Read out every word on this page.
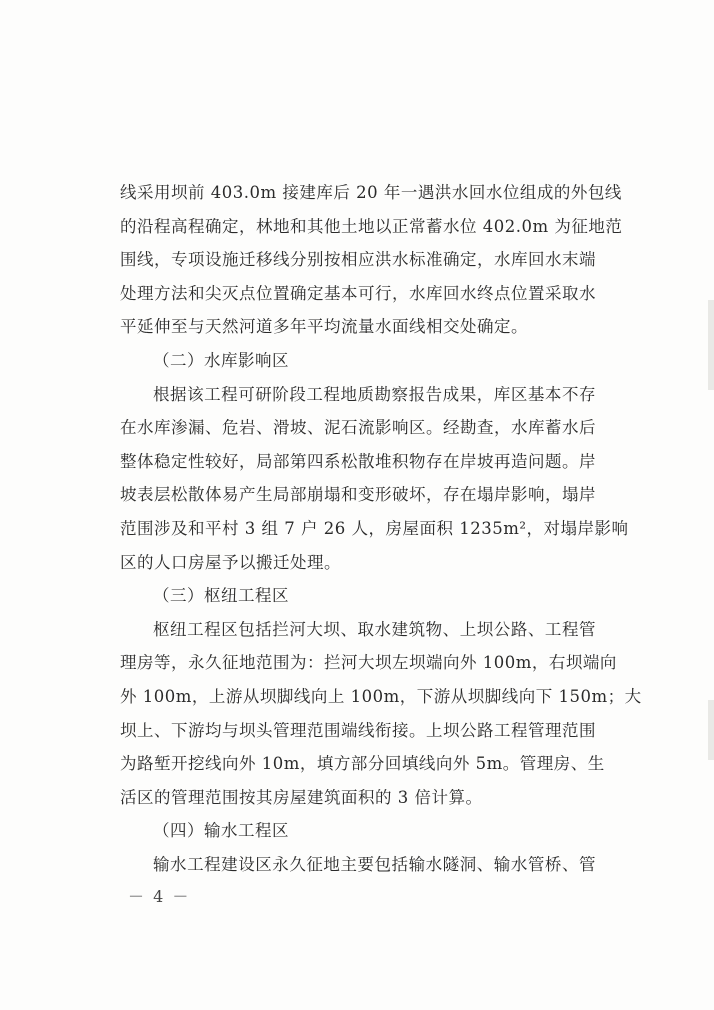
线采用坝前 403.0m 接建库后 20 年一遇洪水回水位组成的外包线
的沿程高程确定，林地和其他土地以正常蓄水位 402.0m 为征地范
围线，专项设施迁移线分别按相应洪水标准确定，水库回水末端
处理方法和尖灭点位置确定基本可行，水库回水终点位置采取水
平延伸至与天然河道多年平均流量水面线相交处确定。
（二）水库影响区
根据该工程可研阶段工程地质勘察报告成果，库区基本不存
在水库渗漏、危岩、滑坡、泥石流影响区。经勘查，水库蓄水后
整体稳定性较好，局部第四系松散堆积物存在岸坡再造问题。岸
坡表层松散体易产生局部崩塌和变形破坏，存在塌岸影响，塌岸
范围涉及和平村 3 组 7 户 26 人，房屋面积 1235m²，对塌岸影响
区的人口房屋予以搬迁处理。
（三）枢纽工程区
枢纽工程区包括拦河大坝、取水建筑物、上坝公路、工程管
理房等，永久征地范围为：拦河大坝左坝端向外 100m，右坝端向
外 100m，上游从坝脚线向上 100m，下游从坝脚线向下 150m；大
坝上、下游均与坝头管理范围端线衔接。上坝公路工程管理范围
为路堑开挖线向外 10m，填方部分回填线向外 5m。管理房、生
活区的管理范围按其房屋建筑面积的 3 倍计算。
（四）输水工程区
输水工程建设区永久征地主要包括输水隧洞、输水管桥、管
－ 4 －
